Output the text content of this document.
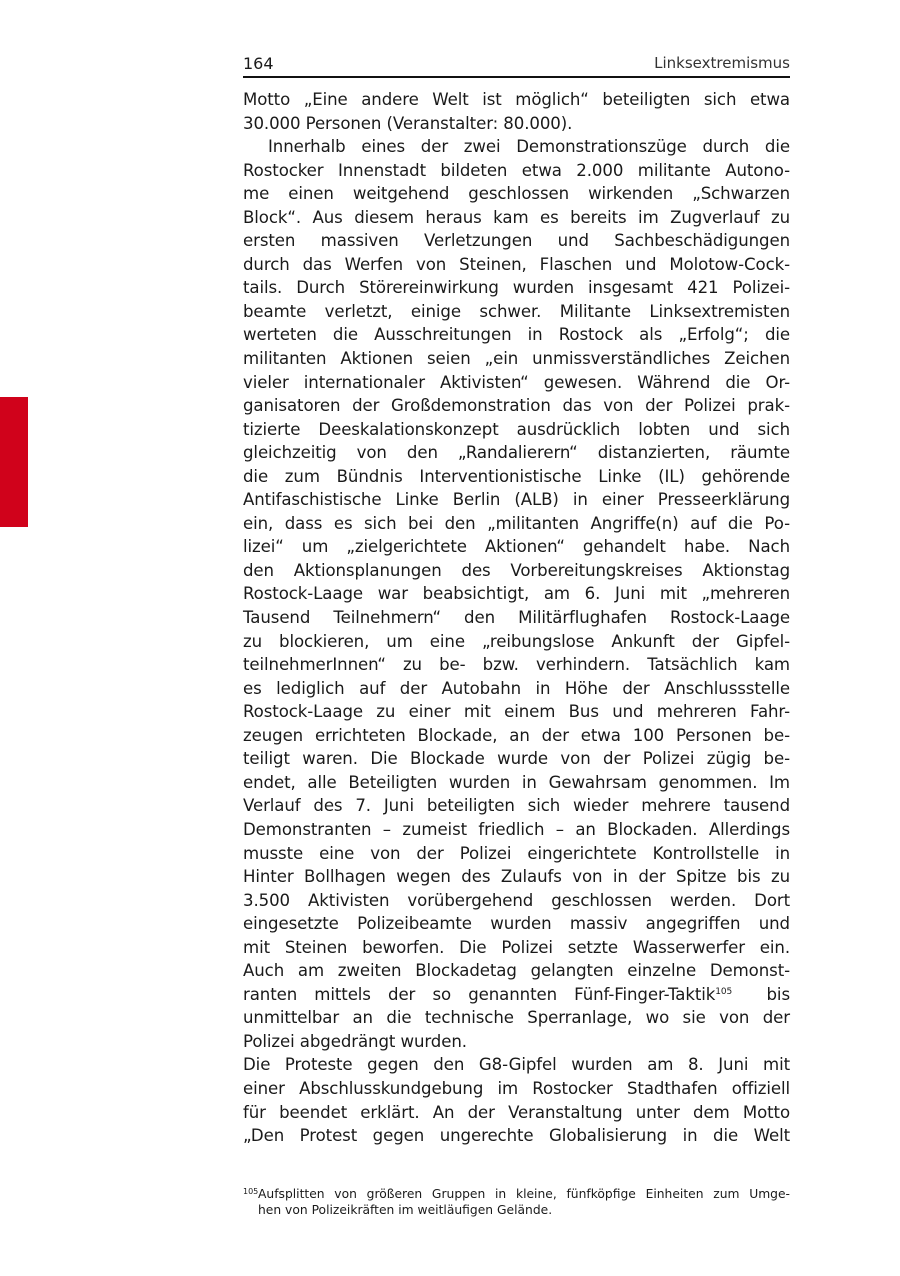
164	Linksextremismus
Motto „Eine andere Welt ist möglich“ beteiligten sich etwa
30.000 Personen (Veranstalter: 80.000).
Innerhalb eines der zwei Demonstrationszüge durch die
Rostocker Innenstadt bildeten etwa 2.000 militante Autono-
me einen weitgehend geschlossen wirkenden „Schwarzen
Block“. Aus diesem heraus kam es bereits im Zugverlauf zu
ersten massiven Verletzungen und Sachbeschädigungen
durch das Werfen von Steinen, Flaschen und Molotow-Cock-
tails. Durch Störereinwirkung wurden insgesamt 421 Polizei-
beamte verletzt, einige schwer. Militante Linksextremisten
werteten die Ausschreitungen in Rostock als „Erfolg“; die
militanten Aktionen seien „ein unmissverständliches Zeichen
vieler internationaler Aktivisten“ gewesen. Während die Or-
ganisatoren der Großdemonstration das von der Polizei prak-
tizierte Deeskalationskonzept ausdrücklich lobten und sich
gleichzeitig von den „Randalierern“ distanzierten, räumte
die zum Bündnis Interventionistische Linke (IL) gehörende
Antifaschistische Linke Berlin (ALB) in einer Presseerklärung
ein, dass es sich bei den „militanten Angriffe(n) auf die Po-
lizei“ um „zielgerichtete Aktionen“ gehandelt habe. Nach
den Aktionsplanungen des Vorbereitungskreises Aktionstag
Rostock-Laage war beabsichtigt, am 6. Juni mit „mehreren
Tausend Teilnehmern“ den Militärflughafen Rostock-Laage
zu blockieren, um eine „reibungslose Ankunft der Gipfel-
teilnehmerInnen“ zu be- bzw. verhindern. Tatsächlich kam
es lediglich auf der Autobahn in Höhe der Anschlussstelle
Rostock-Laage zu einer mit einem Bus und mehreren Fahr-
zeugen errichteten Blockade, an der etwa 100 Personen be-
teiligt waren. Die Blockade wurde von der Polizei zügig be-
endet, alle Beteiligten wurden in Gewahrsam genommen. Im
Verlauf des 7. Juni beteiligten sich wieder mehrere tausend
Demonstranten – zumeist friedlich – an Blockaden. Allerdings
musste eine von der Polizei eingerichtete Kontrollstelle in
Hinter Bollhagen wegen des Zulaufs von in der Spitze bis zu
3.500 Aktivisten vorübergehend geschlossen werden. Dort
eingesetzte Polizeibeamte wurden massiv angegriffen und
mit Steinen beworfen. Die Polizei setzte Wasserwerfer ein.
Auch am zweiten Blockadetag gelangten einzelne Demonst-
ranten mittels der so genannten Fünf-Finger-Taktik$^{105}$  bis
unmittelbar an die technische Sperranlage, wo sie von der
Polizei abgedrängt wurden.
Die Proteste gegen den G8-Gipfel wurden am 8. Juni mit
einer Abschlusskundgebung im Rostocker Stadthafen offiziell
für beendet erklärt. An der Veranstaltung unter dem Motto
„Den Protest gegen ungerechte Globalisierung in die Welt
105 Aufsplitten von größeren Gruppen in kleine, fünfköpfige Einheiten zum Umge-
hen von Polizeikräften im weitläufigen Gelände.
